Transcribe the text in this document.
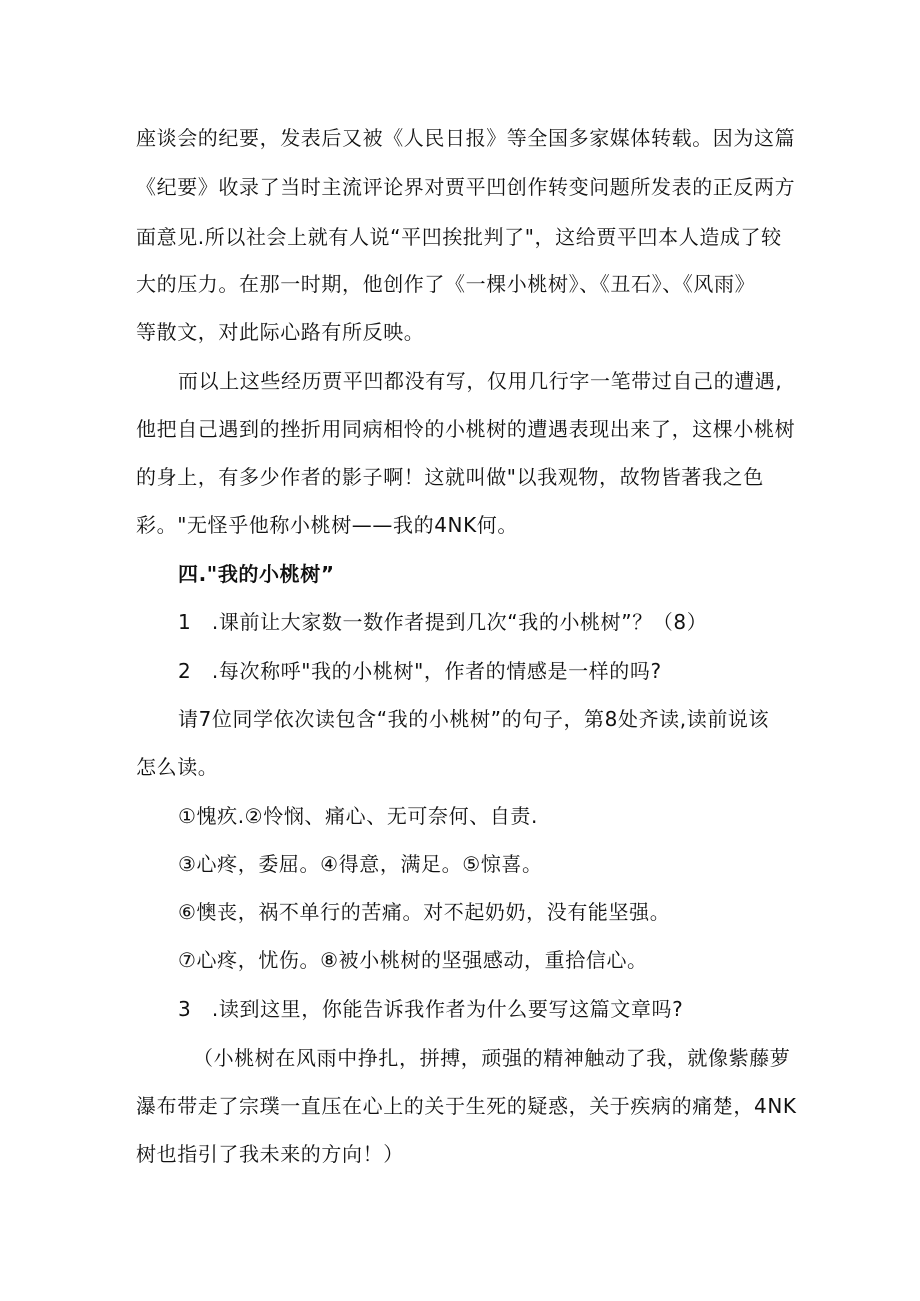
座谈会的纪要，发表后又被《人民日报》等全国多家媒体转载。因为这篇
《纪要》收录了当时主流评论界对贾平凹创作转变问题所发表的正反两方
面意见.所以社会上就有人说“平凹挨批判了"，这给贾平凹本人造成了较
大的压力。在那一时期，他创作了《一棵小桃树》、《丑石》、《风雨》
等散文，对此际心路有所反映。
而以上这些经历贾平凹都没有写，仅用几行字一笔带过自己的遭遇,
他把自己遇到的挫折用同病相怜的小桃树的遭遇表现出来了，这棵小桃树
的身上，有多少作者的影子啊！这就叫做"以我观物，故物皆著我之色
彩。"无怪乎他称小桃树——我的4NK何。
四."我的小桃树”
1　.课前让大家数一数作者提到几次“我的小桃树”？（8）
2　.每次称呼"我的小桃树"，作者的情感是一样的吗?
请7位同学依次读包含“我的小桃树”的句子，第8处齐读,读前说该
怎么读。
①愧疚.②怜悯、痛心、无可奈何、自责.
③心疼，委屈。④得意，满足。⑤惊喜。
⑥懊丧，祸不单行的苦痛。对不起奶奶，没有能坚强。
⑦心疼，忧伤。⑧被小桃树的坚强感动，重拾信心。
3　.读到这里，你能告诉我作者为什么要写这篇文章吗?
（小桃树在风雨中挣扎，拼搏，顽强的精神触动了我，就像紫藤萝
瀑布带走了宗璞一直压在心上的关于生死的疑惑，关于疾病的痛楚，4NK
树也指引了我未来的方向！）
